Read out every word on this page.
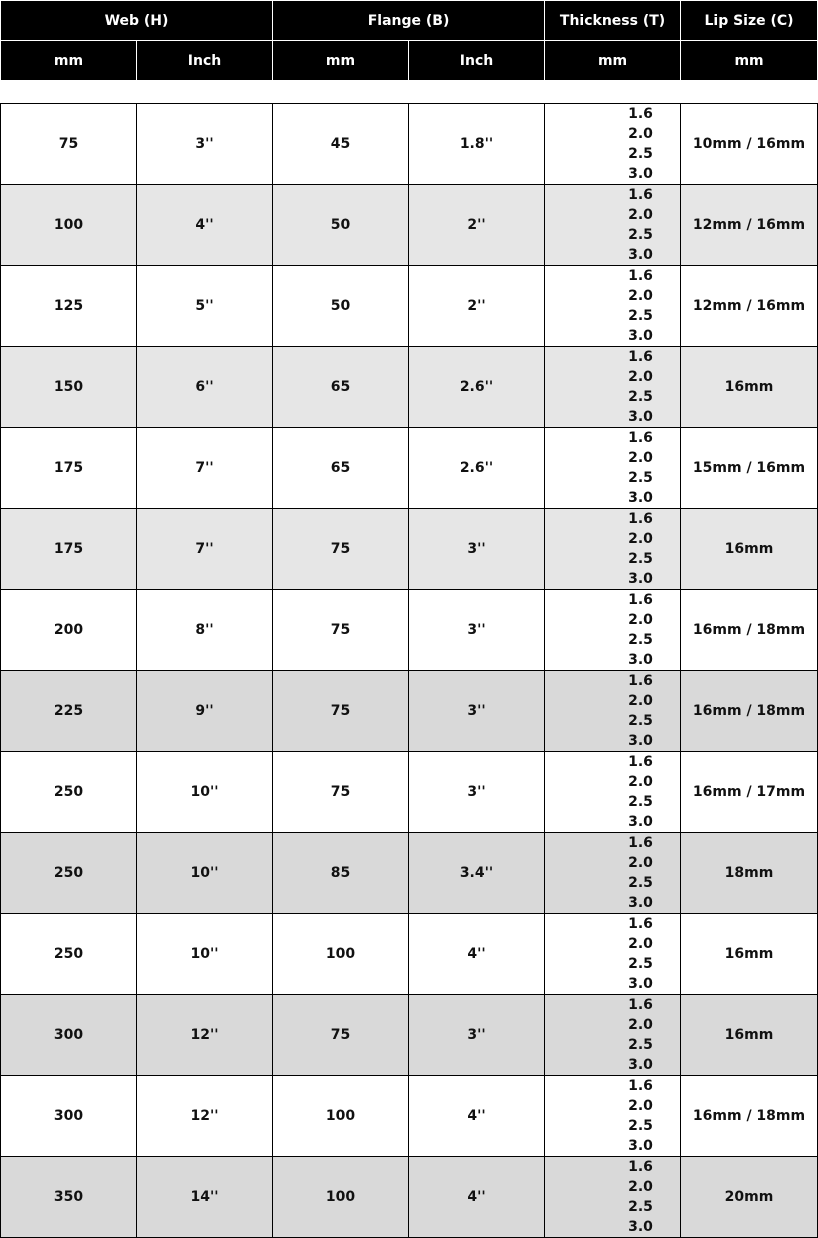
Web (H)		Flange (B)		Thickness (T)	Lip Size (C)
mm	Inch	mm	Inch	mm	mm
75	3''	45	1.8''	1.6
2.0
2.5
3.0	10mm / 16mm
100	4''	50	2''	1.6
2.0
2.5
3.0	12mm / 16mm
125	5''	50	2''	1.6
2.0
2.5
3.0	12mm / 16mm
150	6''	65	2.6''	1.6
2.0
2.5
3.0	16mm
175	7''	65	2.6''	1.6
2.0
2.5
3.0	15mm / 16mm
175	7''	75	3''	1.6
2.0
2.5
3.0	16mm
200	8''	75	3''	1.6
2.0
2.5
3.0	16mm / 18mm
225	9''	75	3''	1.6
2.0
2.5
3.0	16mm / 18mm
250	10''	75	3''	1.6
2.0
2.5
3.0	16mm / 17mm
250	10''	85	3.4''	1.6
2.0
2.5
3.0	18mm
250	10''	100	4''	1.6
2.0
2.5
3.0	16mm
300	12''	75	3''	1.6
2.0
2.5
3.0	16mm
300	12''	100	4''	1.6
2.0
2.5
3.0	16mm / 18mm
350	14''	100	4''	1.6
2.0
2.5
3.0	20mm
